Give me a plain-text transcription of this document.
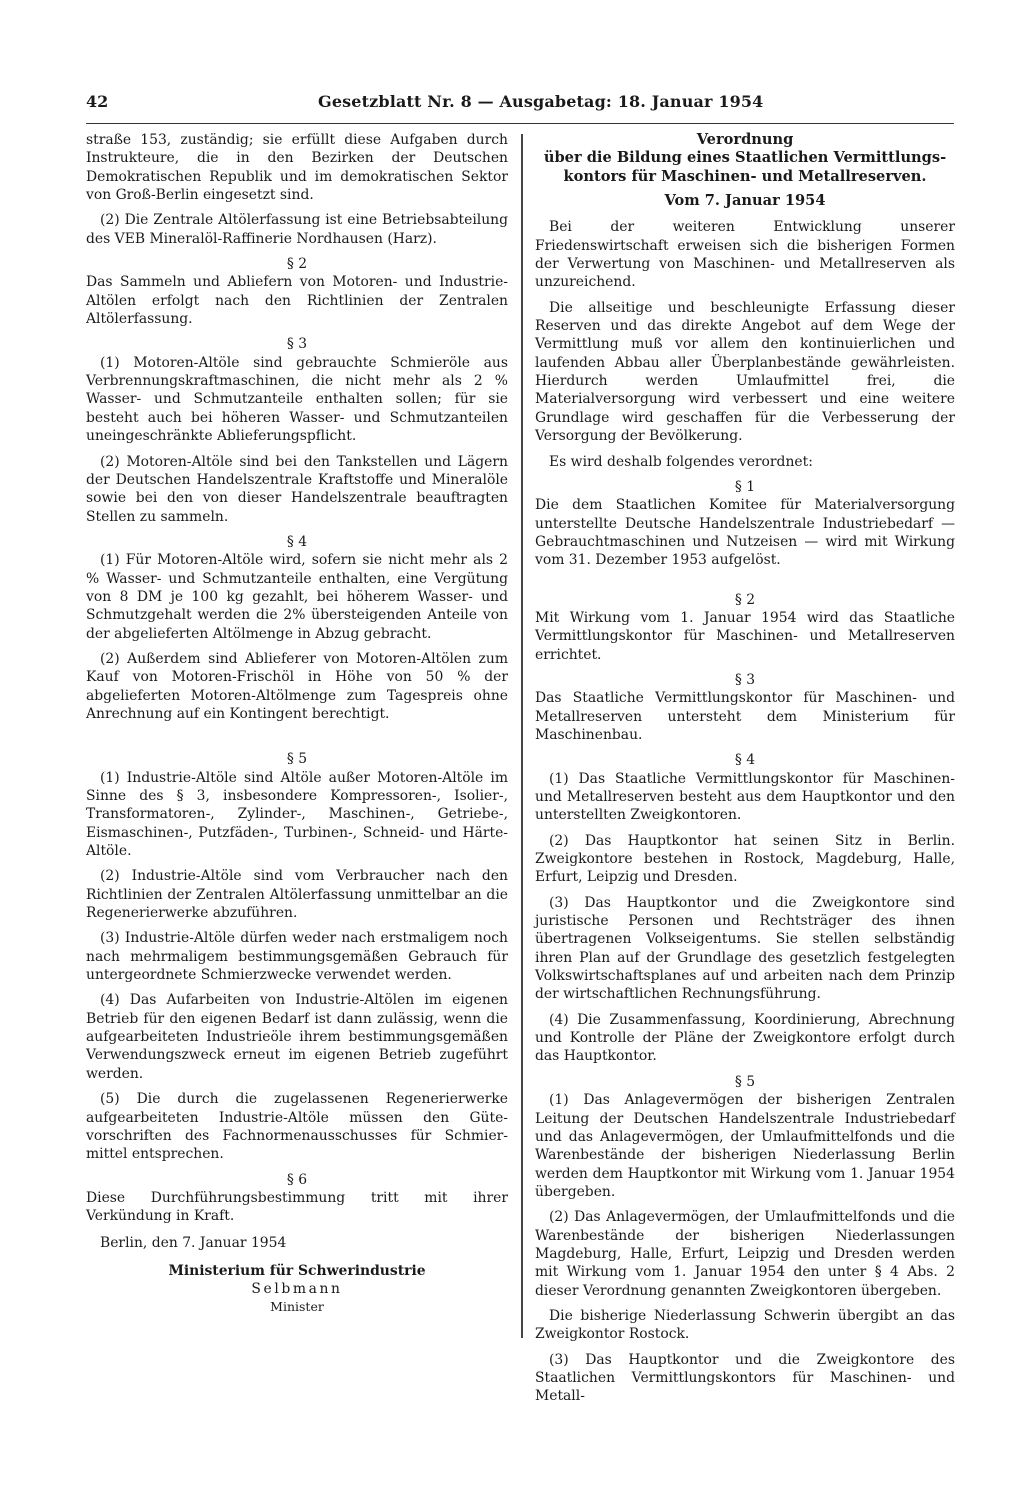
42	Gesetzblatt Nr. 8 — Ausgabetag: 18. Januar 1954

straße 153, zuständig; sie erfüllt diese Aufgaben durch Instrukteure, die in den Bezirken der Deutschen Demokratischen Republik und im demokratischen Sektor von Groß-Berlin eingesetzt sind.

(2) Die Zentrale Altölerfassung ist eine Betriebsabteilung des VEB Mineralöl-Raffinerie Nordhausen (Harz).

§ 2

Das Sammeln und Abliefern von Motoren- und Industrie-Altölen erfolgt nach den Richtlinien der Zentralen Altölerfassung.

§ 3

(1) Motoren-Altöle sind gebrauchte Schmieröle aus Verbrennungskraftmaschinen, die nicht mehr als 2 % Wasser- und Schmutzanteile enthalten sollen; für sie besteht auch bei höheren Wasser- und Schmutzanteilen uneingeschränkte Ablieferungspflicht.

(2) Motoren-Altöle sind bei den Tankstellen und Lägern der Deutschen Handelszentrale Kraftstoffe und Mineralöle sowie bei den von dieser Handelszentrale beauftragten Stellen zu sammeln.

§ 4

(1) Für Motoren-Altöle wird, sofern sie nicht mehr als 2 % Wasser- und Schmutzanteile enthalten, eine Vergütung von 8 DM je 100 kg gezahlt, bei höherem Wasser- und Schmutzgehalt werden die 2% übersteigenden Anteile von der abgelieferten Altölmenge in Abzug gebracht.

(2) Außerdem sind Ablieferer von Motoren-Altölen zum Kauf von Motoren-Frischöl in Höhe von 50 % der abgelieferten Motoren-Altölmenge zum Tagespreis ohne Anrechnung auf ein Kontingent berechtigt.

§ 5

(1) Industrie-Altöle sind Altöle außer Motoren-Altöle im Sinne des § 3, insbesondere Kompressoren-, Isolier-, Transformatoren-, Zylinder-, Maschinen-, Getriebe-, Eismaschinen-, Putzfäden-, Turbinen-, Schneid- und Härte-Altöle.

(2) Industrie-Altöle sind vom Verbraucher nach den Richtlinien der Zentralen Altölerfassung unmittelbar an die Regenerierwerke abzuführen.

(3) Industrie-Altöle dürfen weder nach erstmaligem noch nach mehrmaligem bestimmungsgemäßen Gebrauch für untergeordnete Schmierzwecke verwendet werden.

(4) Das Aufarbeiten von Industrie-Altölen im eigenen Betrieb für den eigenen Bedarf ist dann zulässig, wenn die aufgearbeiteten Industrieöle ihrem bestimmungsgemäßen Verwendungszweck erneut im eigenen Betrieb zugeführt werden.

(5) Die durch die zugelassenen Regenerierwerke aufgearbeiteten Industrie-Altöle müssen den Güte-vorschriften des Fachnormenausschusses für Schmier-mittel entsprechen.

§ 6

Diese Durchführungsbestimmung tritt mit ihrer Verkündung in Kraft.

Berlin, den 7. Januar 1954
Ministerium für Schwerindustrie
Selbmann
Minister
Verordnung
über die Bildung eines Staatlichen Vermittlungs-
kontors für Maschinen- und Metallreserven.
Vom 7. Januar 1954

Bei der weiteren Entwicklung unserer Friedenswirtschaft erweisen sich die bisherigen Formen der Verwertung von Maschinen- und Metallreserven als unzureichend.

Die allseitige und beschleunigte Erfassung dieser Reserven und das direkte Angebot auf dem Wege der Vermittlung muß vor allem den kontinuierlichen und laufenden Abbau aller Überplanbestände gewährleisten. Hierdurch werden Umlaufmittel frei, die Materialversorgung wird verbessert und eine weitere Grundlage wird geschaffen für die Verbesserung der Versorgung der Bevölkerung.

Es wird deshalb folgendes verordnet:

§ 1

Die dem Staatlichen Komitee für Materialversorgung unterstellte Deutsche Handelszentrale Industriebedarf — Gebrauchtmaschinen und Nutzeisen — wird mit Wirkung vom 31. Dezember 1953 aufgelöst.

§ 2

Mit Wirkung vom 1. Januar 1954 wird das Staatliche Vermittlungskontor für Maschinen- und Metallreserven errichtet.

§ 3

Das Staatliche Vermittlungskontor für Maschinen- und Metallreserven untersteht dem Ministerium für Maschinenbau.

§ 4

(1) Das Staatliche Vermittlungskontor für Maschinen- und Metallreserven besteht aus dem Hauptkontor und den unterstellten Zweigkontoren.

(2) Das Hauptkontor hat seinen Sitz in Berlin. Zweigkontore bestehen in Rostock, Magdeburg, Halle, Erfurt, Leipzig und Dresden.

(3) Das Hauptkontor und die Zweigkontore sind juristische Personen und Rechtsträger des ihnen übertragenen Volkseigentums. Sie stellen selbständig ihren Plan auf der Grundlage des gesetzlich festgelegten Volkswirtschaftsplanes auf und arbeiten nach dem Prinzip der wirtschaftlichen Rechnungsführung.

(4) Die Zusammenfassung, Koordinierung, Abrechnung und Kontrolle der Pläne der Zweigkontore erfolgt durch das Hauptkontor.

§ 5

(1) Das Anlagevermögen der bisherigen Zentralen Leitung der Deutschen Handelszentrale Industriebedarf und das Anlagevermögen, der Umlaufmittelfonds und die Warenbestände der bisherigen Niederlassung Berlin werden dem Hauptkontor mit Wirkung vom 1. Januar 1954 übergeben.

(2) Das Anlagevermögen, der Umlaufmittelfonds und die Warenbestände der bisherigen Niederlassungen Magdeburg, Halle, Erfurt, Leipzig und Dresden werden mit Wirkung vom 1. Januar 1954 den unter § 4 Abs. 2 dieser Verordnung genannten Zweigkontoren übergeben.

Die bisherige Niederlassung Schwerin übergibt an das Zweigkontor Rostock.

(3) Das Hauptkontor und die Zweigkontore des Staatlichen Vermittlungskontors für Maschinen- und Metall-
